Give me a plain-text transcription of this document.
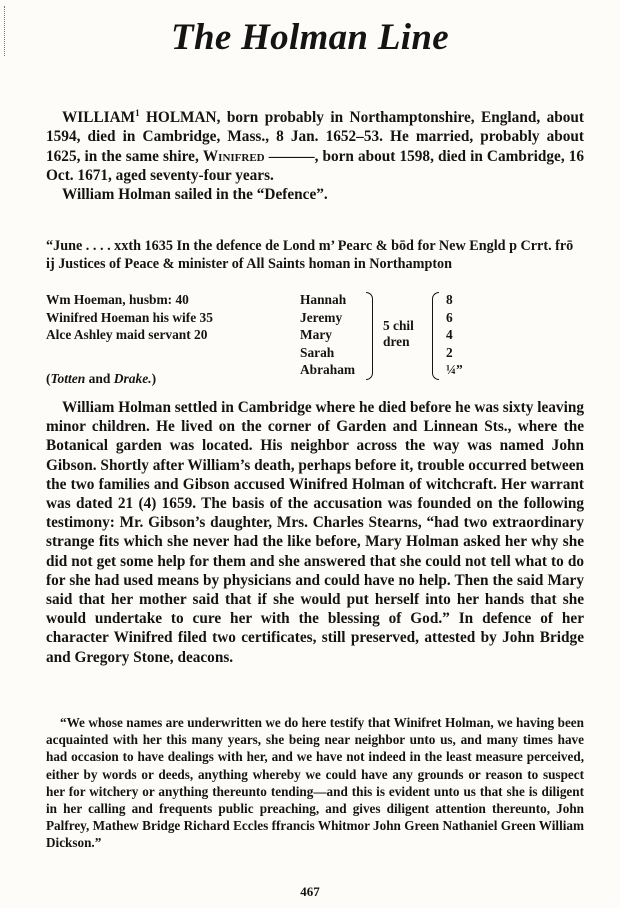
The Holman Line

WILLIAM$^1$ HOLMAN, born probably in Northamptonshire, England, about 1594, died in Cambridge, Mass., 8 Jan. 1652–53. He married, probably about 1625, in the same shire, Winifred ———, born about 1598, died in Cambridge, 16 Oct. 1671, aged seventy-four years.

William Holman sailed in the “Defence”.

“June . . . . xxth 1635 In the defence de Lond m’ Pearc & bōd for New Engld p Crrt. frō ij Justices of Peace & minister of All Saints homan in Northampton
Wm Hoeman, husbm: 40
Winifred Hoeman his wife 35
Alce Ashley maid servant 20
Hannah
Jeremy
Mary
Sarah
Abraham
5 chil
dren
8
6
4
2
¼”
(Totten and Drake.)

William Holman settled in Cambridge where he died before he was sixty leaving minor children. He lived on the corner of Garden and Linnean Sts., where the Botanical garden was located. His neighbor across the way was named John Gibson. Shortly after William’s death, perhaps before it, trouble occurred between the two families and Gibson accused Winifred Holman of witchcraft. Her warrant was dated 21 (4) 1659. The basis of the accusation was founded on the following testimony: Mr. Gibson’s daughter, Mrs. Charles Stearns, “had two extraordinary strange fits which she never had the like before, Mary Holman asked her why she did not get some help for them and she answered that she could not tell what to do for she had used means by physicians and could have no help. Then the said Mary said that her mother said that if she would put herself into her hands that she would undertake to cure her with the blessing of God.” In defence of her character Winifred filed two certificates, still preserved, attested by John Bridge and Gregory Stone, deacons.

“We whose names are underwritten we do here testify that Winifret Holman, we having been acquainted with her this many years, she being near neighbor unto us, and many times have had occasion to have dealings with her, and we have not indeed in the least measure perceived, either by words or deeds, anything whereby we could have any grounds or reason to suspect her for witchery or anything thereunto tending—and this is evident unto us that she is diligent in her calling and frequents public preaching, and gives diligent attention thereunto, John Palfrey, Mathew Bridge Richard Eccles ffrancis Whitmor John Green Nathaniel Green William Dickson.”

467
